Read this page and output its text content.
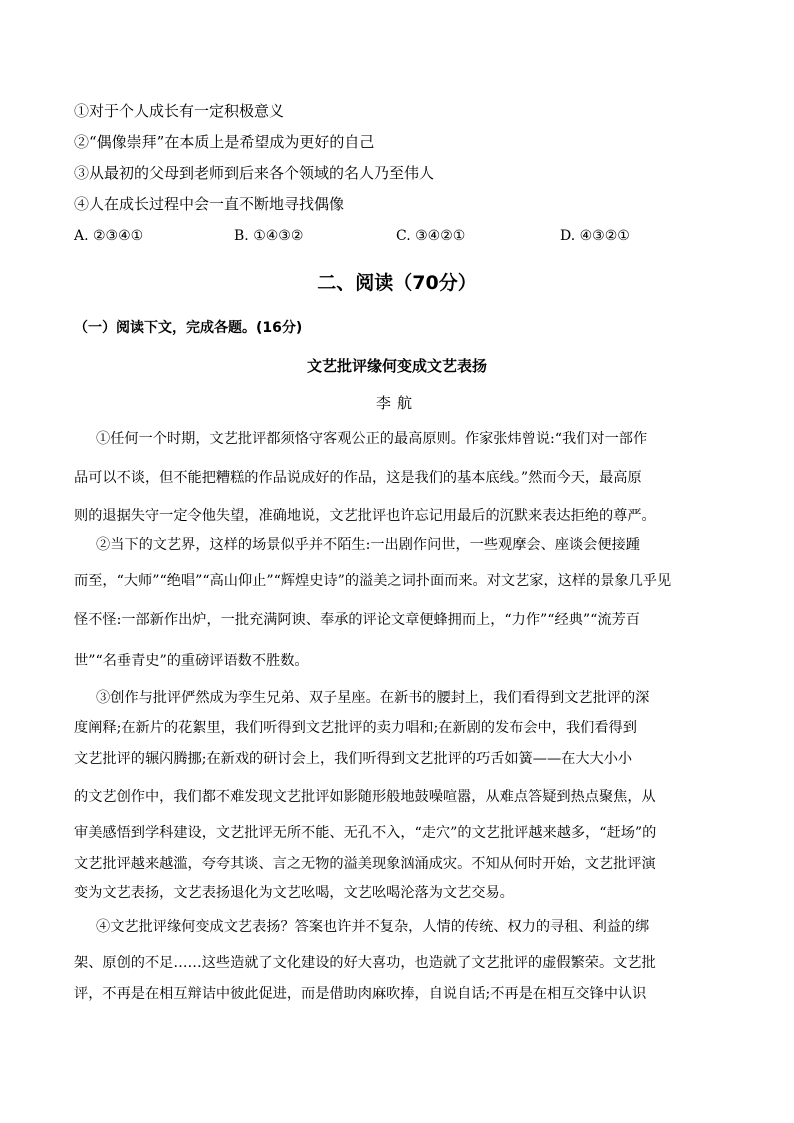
①对于个人成长有一定积极意义
②“偶像崇拜”在本质上是希望成为更好的自己
③从最初的父母到老师到后来各个领域的名人乃至伟人
④人在成长过程中会一直不断地寻找偶像
A. ②③④①	B. ①④③②	C. ③④②①	D. ④③②①
二、阅读（70分）
（一）阅读下文，完成各题。(16分)
文艺批评缘何变成文艺表扬
李航
①任何一个时期，文艺批评都须恪守客观公正的最高原则。作家张炜曾说:“我们对一部作
品可以不谈，但不能把糟糕的作品说成好的作品，这是我们的基本底线。”然而今天，最高原
则的退据失守一定令他失望，准确地说，文艺批评也许忘记用最后的沉默来表达拒绝的尊严。
②当下的文艺界，这样的场景似乎并不陌生:一出剧作问世，一些观摩会、座谈会便接踵
而至，“大师”“绝唱”“高山仰止”“辉煌史诗”的溢美之词扑面而来。对文艺家，这样的景象几乎见
怪不怪:一部新作出炉，一批充满阿谀、奉承的评论文章便蜂拥而上，“力作”“经典”“流芳百
世”“名垂青史”的重磅评语数不胜数。
③创作与批评俨然成为孪生兄弟、双子星座。在新书的腰封上，我们看得到文艺批评的深
度阐释;在新片的花絮里，我们听得到文艺批评的卖力唱和;在新剧的发布会中，我们看得到
文艺批评的辗闪腾挪;在新戏的研讨会上，我们听得到文艺批评的巧舌如簧——在大大小小
的文艺创作中，我们都不难发现文艺批评如影随形般地鼓噪喧嚣，从难点答疑到热点聚焦，从
审美感悟到学科建设，文艺批评无所不能、无孔不入，“走穴”的文艺批评越来越多，“赶场”的
文艺批评越来越滥，夸夸其谈、言之无物的溢美现象汹涌成灾。不知从何时开始，文艺批评演
变为文艺表扬，文艺表扬退化为文艺吆喝，文艺吆喝沦落为文艺交易。
④文艺批评缘何变成文艺表扬？答案也许并不复杂，人情的传统、权力的寻租、利益的绑
架、原创的不足……这些造就了文化建设的好大喜功，也造就了文艺批评的虚假繁荣。文艺批
评，不再是在相互辩诘中彼此促进，而是借助肉麻吹捧，自说自话;不再是在相互交锋中认识
